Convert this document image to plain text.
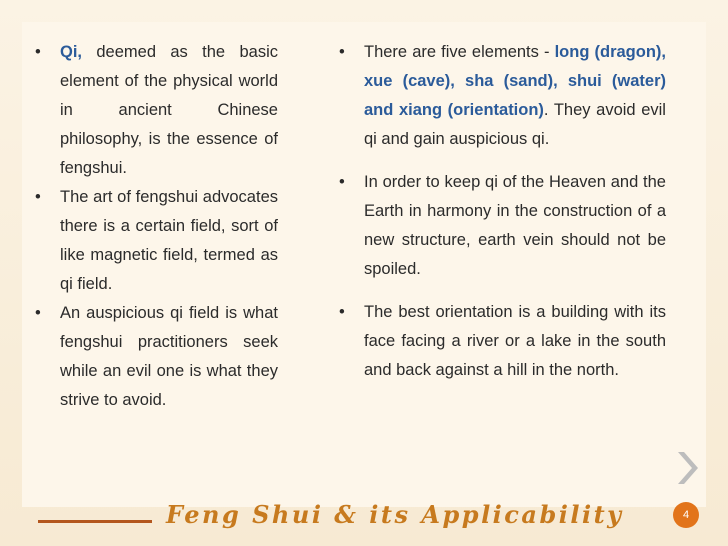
• Qi, deemed as the basic element of the physical world in ancient Chinese philosophy, is the essence of fengshui.
• The art of fengshui advocates there is a certain field, sort of like magnetic field, termed as qi field.
• An auspicious qi field is what fengshui practitioners seek while an evil one is what they strive to avoid.
• There are five elements - long (dragon), xue (cave), sha (sand), shui (water) and xiang (orientation). They avoid evil qi and gain auspicious qi.
• In order to keep qi of the Heaven and the Earth in harmony in the construction of a new structure, earth vein should not be spoiled.
• The best orientation is a building with its face facing a river or a lake in the south and back against a hill in the north.
4
Feng Shui & its Applicability
